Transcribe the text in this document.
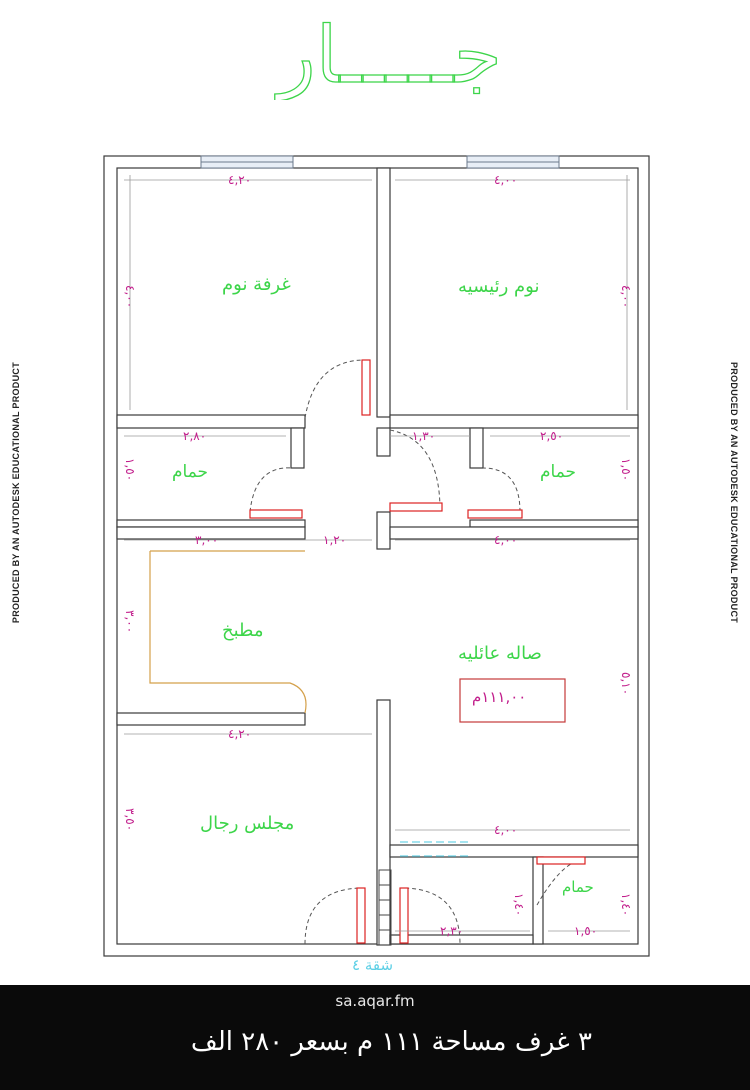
جـــــار
غرفة نوم	نوم رئيسيه
حمام	حمام
مطبخ
صاله عائليه
مجلس رجال
حمام
شقة ٤
١١١,٠٠م
٤,٢٠
٤,٠٠
٤,٠٠
٤,٠٠
٢,٨٠
١,٥٠
١,٣٠	٢,٥٠
١,٥٠
٣,٠٠	١,٢٠	٤,٠٠
٣,٠٠
٥,١٠
٤,٢٠
٣,٥٠	٤,٠٠
١,٤٠	١,٤٠
٢,٣٠	١,٥٠
PRODUCED BY AN AUTODESK EDUCATIONAL PRODUCT	PRODUCED BY AN AUTODESK EDUCATIONAL PRODUCT
sa.aqar.fm
٣ غرف مساحة ١١١ م بسعر ٢٨٠ الف
